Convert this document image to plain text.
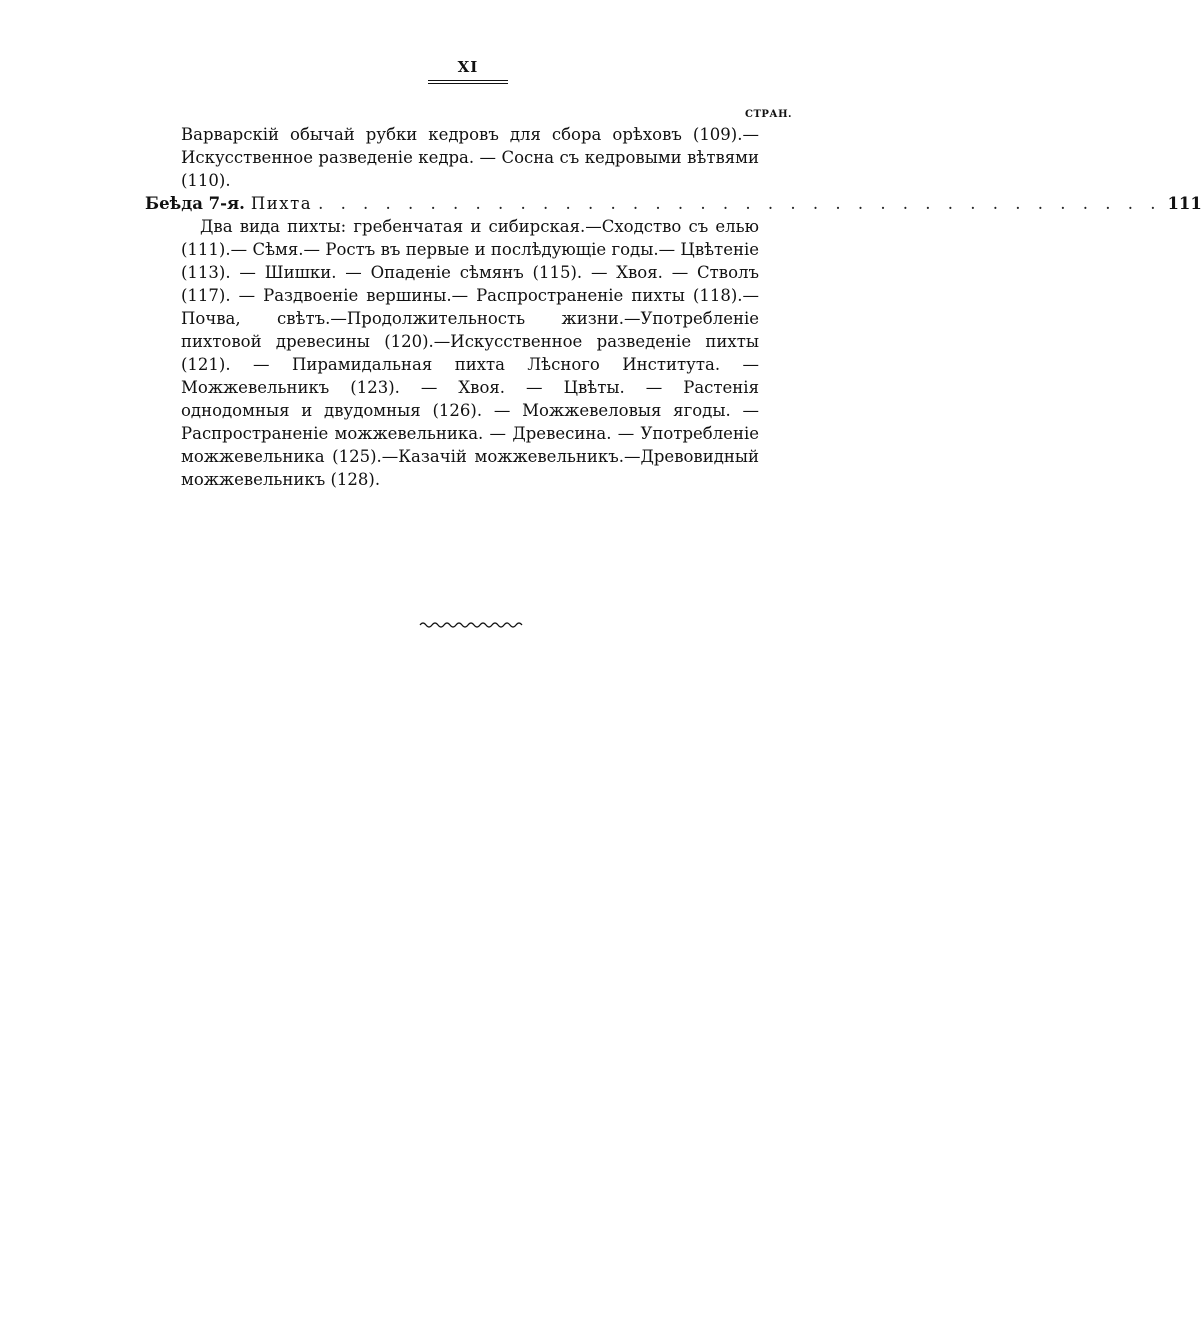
XI
СТРАН.

Варварскій обычай рубки кедровъ для сбора орѣховъ (109).— Искусственное разведеніе кедра. — Сосна съ кедровыми вѣтвями (110).

Беѣда 7-я. Пихта . . . . . . . . . . . . . . . . . . . . . . . . . . . . . . . . . . . . . . 111

Два вида пихты: гребенчатая и сибирская.—Сходство съ елью (111).— Сѣмя.— Ростъ въ первые и послѣдующіе годы.— Цвѣтеніе (113). — Шишки. — Опаденіе сѣмянъ (115). — Хвоя. — Стволъ (117). — Раздвоеніе вершины.— Распространеніе пихты (118).—Почва, свѣтъ.—Продолжительность жизни.—Употребленіе пихтовой древесины (120).—Искусственное разведеніе пихты (121). — Пирамидальная пихта Лѣсного Института. — Можжевельникъ (123). — Хвоя. — Цвѣты. — Растенія однодомныя и двудомныя (126). — Можжевеловыя ягоды. — Распространеніе можжевельника. — Древесина. — Употребленіе можжевельника (125).—Казачій можжевельникъ.—Древовидный можжевельникъ (128).
